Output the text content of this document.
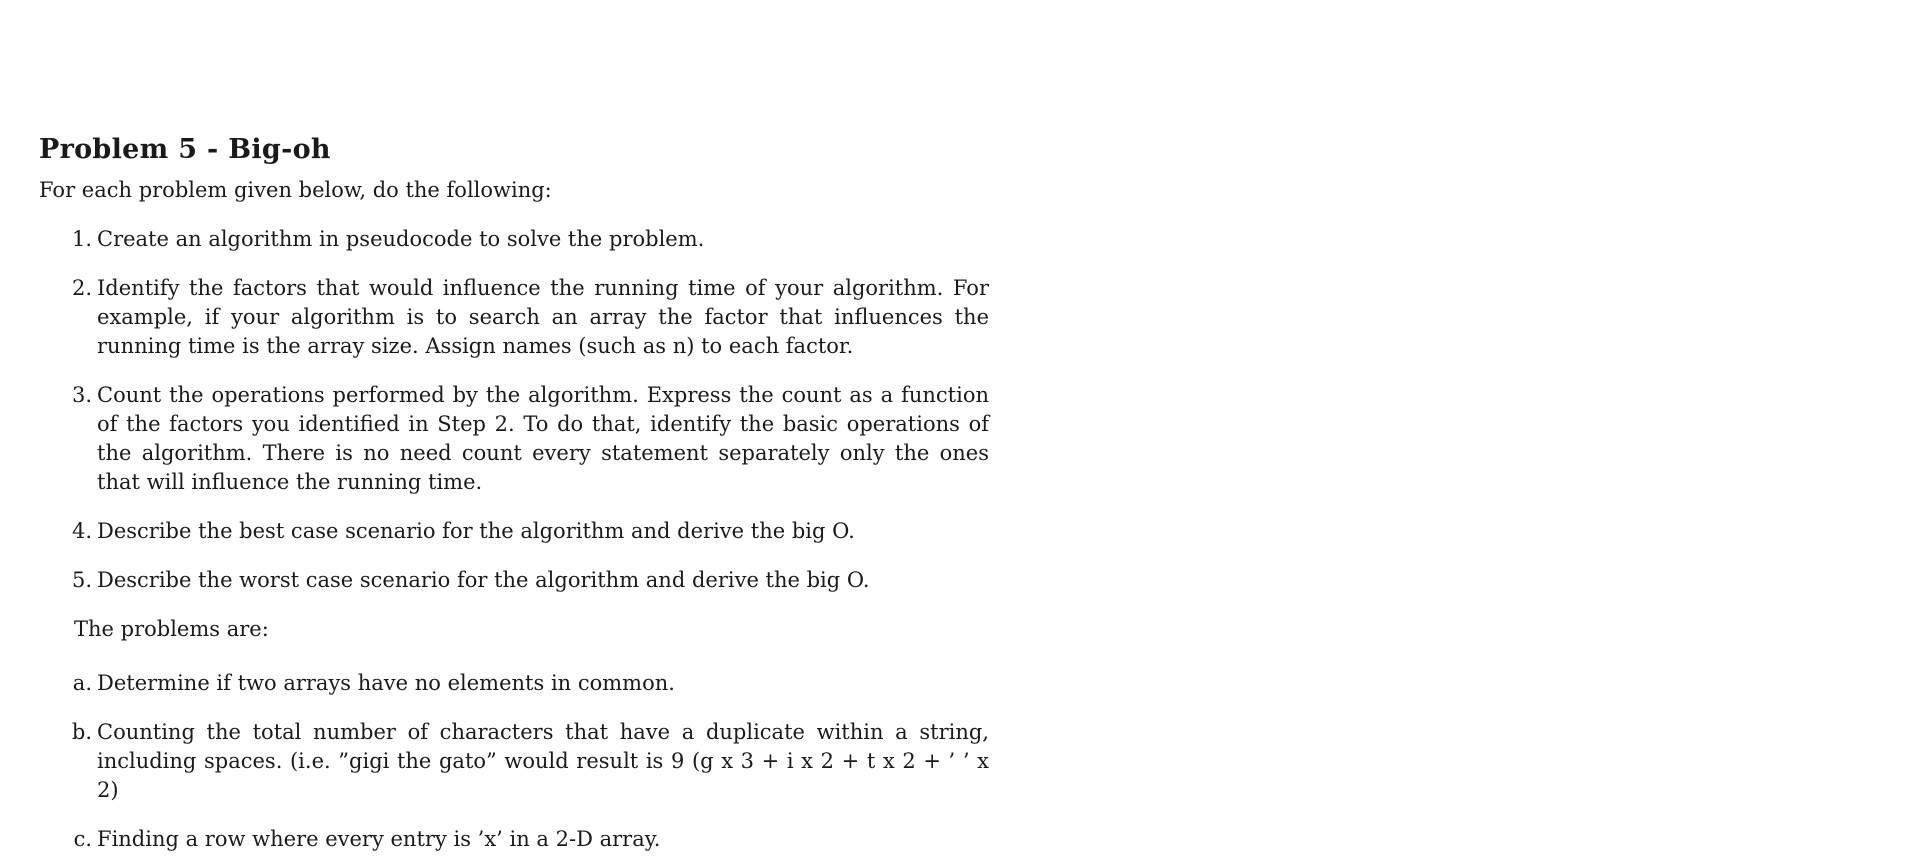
Problem 5 - Big-oh

For each problem given below, do the following:

1. Create an algorithm in pseudocode to solve the problem.
2. Identify the factors that would influence the running time of your algorithm. For example, if your algorithm is to search an array the factor that influences the running time is the array size. Assign names (such as n) to each factor.
3. Count the operations performed by the algorithm. Express the count as a function of the factors you identified in Step 2. To do that, identify the basic operations of the algorithm. There is no need count every statement separately only the ones that will influence the running time.
4. Describe the best case scenario for the algorithm and derive the big O.
5. Describe the worst case scenario for the algorithm and derive the big O.

The problems are:

a. Determine if two arrays have no elements in common.
b. Counting the total number of characters that have a duplicate within a string, including spaces. (i.e. ”gigi the gato” would result is 9 (g x 3 + i x 2 + t x 2 + ’ ’ x 2)
c. Finding a row where every entry is ’x’ in a 2-D array.
